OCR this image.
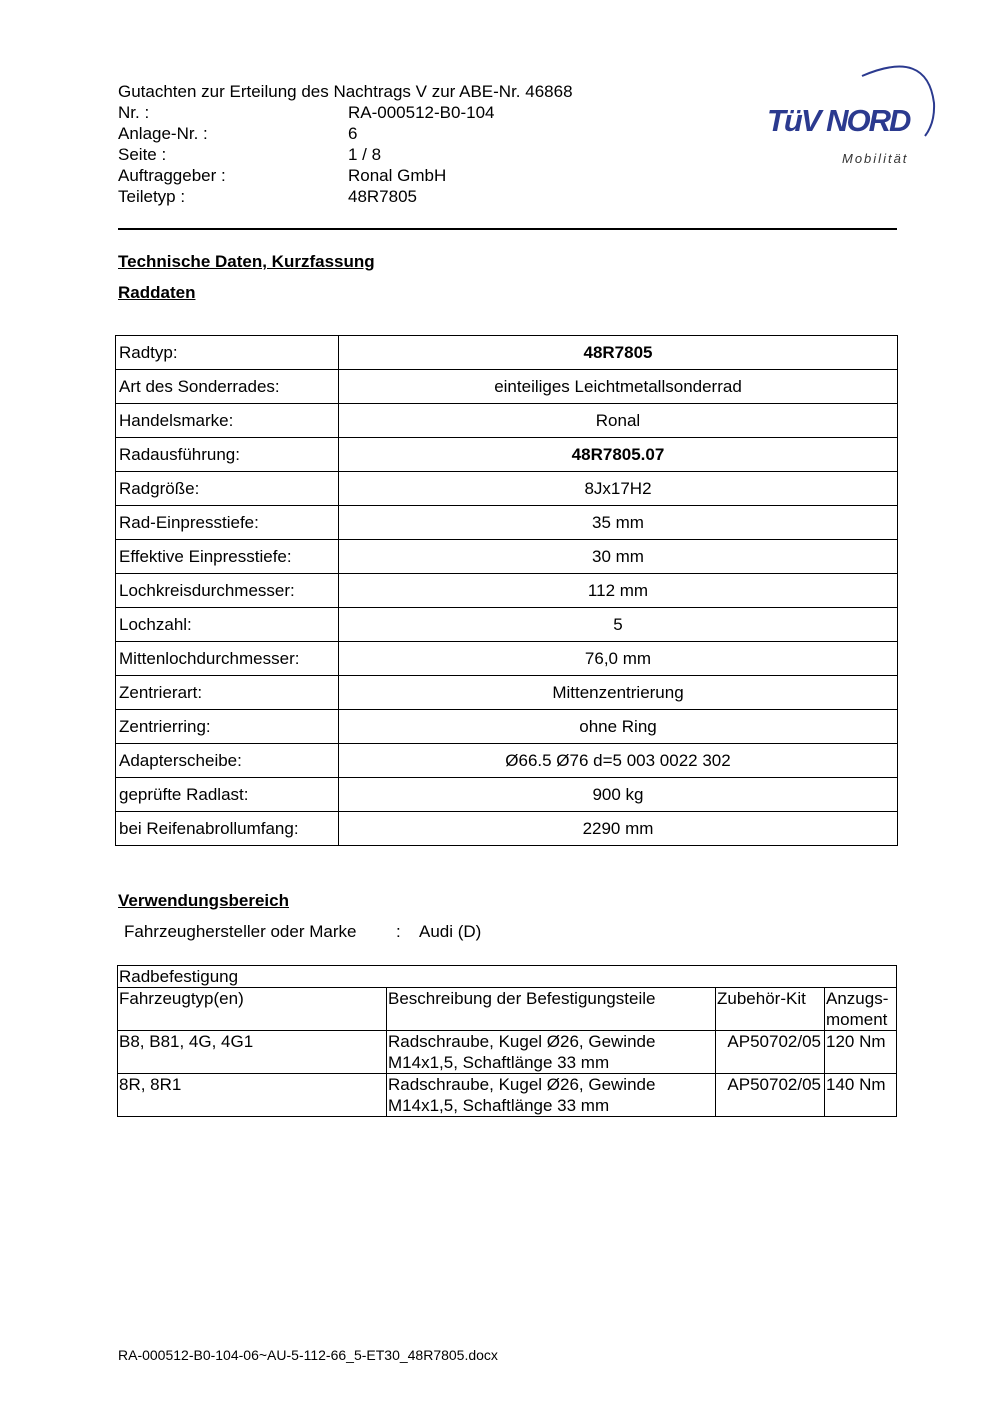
Gutachten zur Erteilung des Nachtrags V zur ABE-Nr. 46868
Nr. :	RA-000512-B0-104
Anlage-Nr. :	6
Seite :	1 / 8
Auftraggeber :	Ronal GmbH
Teiletyp :	48R7805
TüV NORD
Mobilität
Technische Daten, Kurzfassung
Raddaten
Radtyp:	48R7805
Art des Sonderrades:	einteiliges Leichtmetallsonderrad
Handelsmarke:	Ronal
Radausführung:	48R7805.07
Radgröße:	8Jx17H2
Rad-Einpresstiefe:	35 mm
Effektive Einpresstiefe:	30 mm
Lochkreisdurchmesser:	112 mm
Lochzahl:	5
Mittenlochdurchmesser:	76,0 mm
Zentrierart:	Mittenzentrierung
Zentrierring:	ohne Ring
Adapterscheibe:	Ø66.5 Ø76 d=5 003 0022 302
geprüfte Radlast:	900 kg
bei Reifenabrollumfang:	2290 mm
Verwendungsbereich
Fahrzeughersteller oder Marke	:	Audi (D)
Radbefestigung			
Fahrzeugtyp(en)	Beschreibung der Befestigungsteile	Zubehör-Kit	Anzugs-moment
B8, B81, 4G, 4G1	Radschraube, Kugel Ø26, Gewinde M14x1,5, Schaftlänge 33 mm	AP50702/05	120 Nm
8R, 8R1	Radschraube, Kugel Ø26, Gewinde M14x1,5, Schaftlänge 33 mm	AP50702/05	140 Nm
RA-000512-B0-104-06~AU-5-112-66_5-ET30_48R7805.docx
